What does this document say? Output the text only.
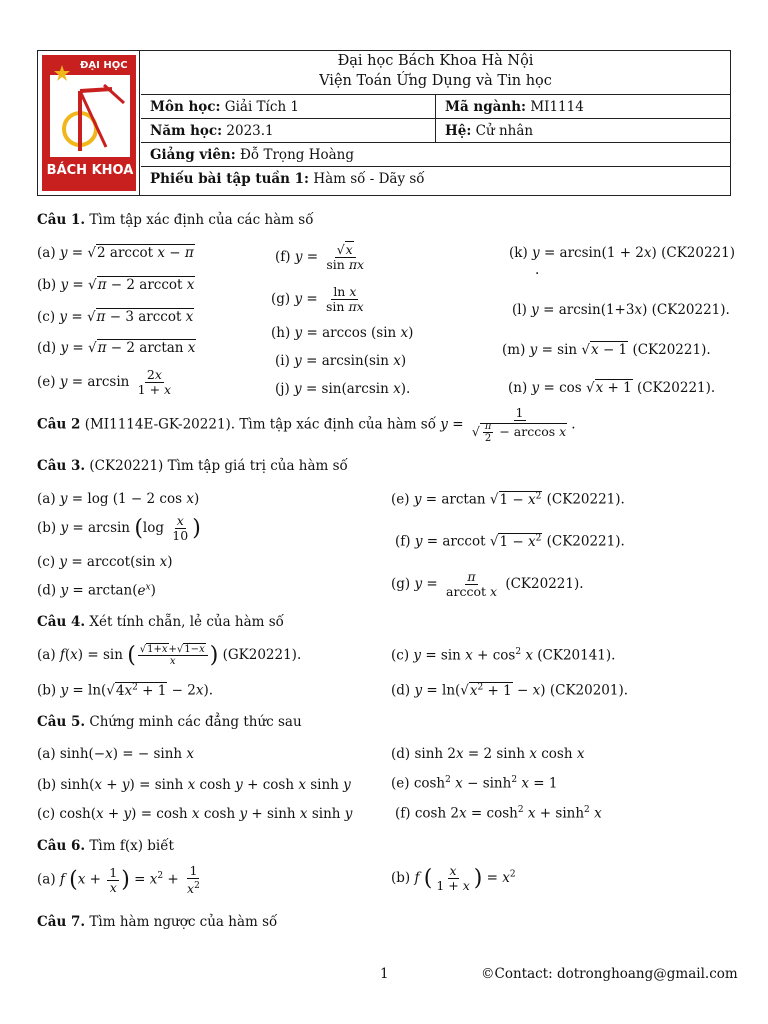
ĐẠI HỌC
BÁCH KHOA
Đại học Bách Khoa Hà Nội
Viện Toán Ứng Dụng và Tin học
Môn học: Giải Tích 1	Mã ngành: MI1114
Năm học: 2023.1	Hệ: Cử nhân
Giảng viên: Đỗ Trọng Hoàng
Phiếu bài tập tuần 1: Hàm số - Dãy số
Câu 1. Tìm tập xác định của các hàm số
(a) y = √2 arccot x − π
(b) y = √π − 2 arccot x
(c) y = √π − 3 arccot x
(d) y = √π − 2 arctan x
(e) $y = \arcsin \frac{2x}{1 + x}$
(f) $y = \frac{√x}{\text{sin πx}}$
(g) $y = \frac{\text{ln x}}{\text{sin πx}}$
(h) y = arccos (sin x)
(i) y = arcsin(sin x)
(j) y = sin(arcsin x).
(k) y = arcsin(1 + 2x) (CK20221)
.
(l) y = arcsin(1+3x) (CK20221).
(m) y = sin √x − 1 (CK20221).
(n) y = cos √x + 1 (CK20221).
Câu 2 (MI1114E-GK-20221). Tìm tập xác định của hàm số $y = \frac{1}{√ \frac{\pi}{2} - \arccos x}$ .
Câu 3. (CK20221) Tìm tập giá trị của hàm số
(a) y = log (1 − 2 cos x)
(b) $y = \arcsin (\log \frac{x}{10}$ )
(c) y = arccot(sin x)
(d) $y = \arctan(e^x)$
(e) $y = \arctan √1 - x^2$ (CK20221).
(f) y = arccot $√1 - x^2$ (CK20221).
(g) $y = \frac{\pi}{\text{arccot x}} (CK20221)$.
Câu 4. Xét tính chẵn, lẻ của hàm số
(a) f(x) = sin ( $\frac{√1+x+√1-x}{x}$ ) (GK20221).
(b) $y = \ln(√4x^2 + 1 - 2x)$.
(c) $y = \sin x + \cos^2 x$ (CK20141).
(d) $y = \ln(√x^2 + 1 - x)$ (CK20201).
Câu 5. Chứng minh các đẳng thức sau
(a) sinh(−x) = − sinh x
(b) sinh(x + y) = sinh x cosh y + cosh x sinh y
(c) cosh(x + y) = cosh x cosh y + sinh x sinh y
(d) sinh 2x = 2 sinh x cosh x
(e) $\cosh^2 x - \sinh^2 x = 1$
(f) $\cosh 2x = \cosh^2 x + \sinh^2 x$
Câu 6. Tìm f(x) biết
(a) f ($x + \frac{1}{x}$ ) = $x^2 + \frac{1}{x^2}$	(b) f ( $\frac{x}{1 + x}$ ) = $x^2$
Câu 7. Tìm hàm ngược của hàm số
1	©Contact: dotronghoang@gmail.com
